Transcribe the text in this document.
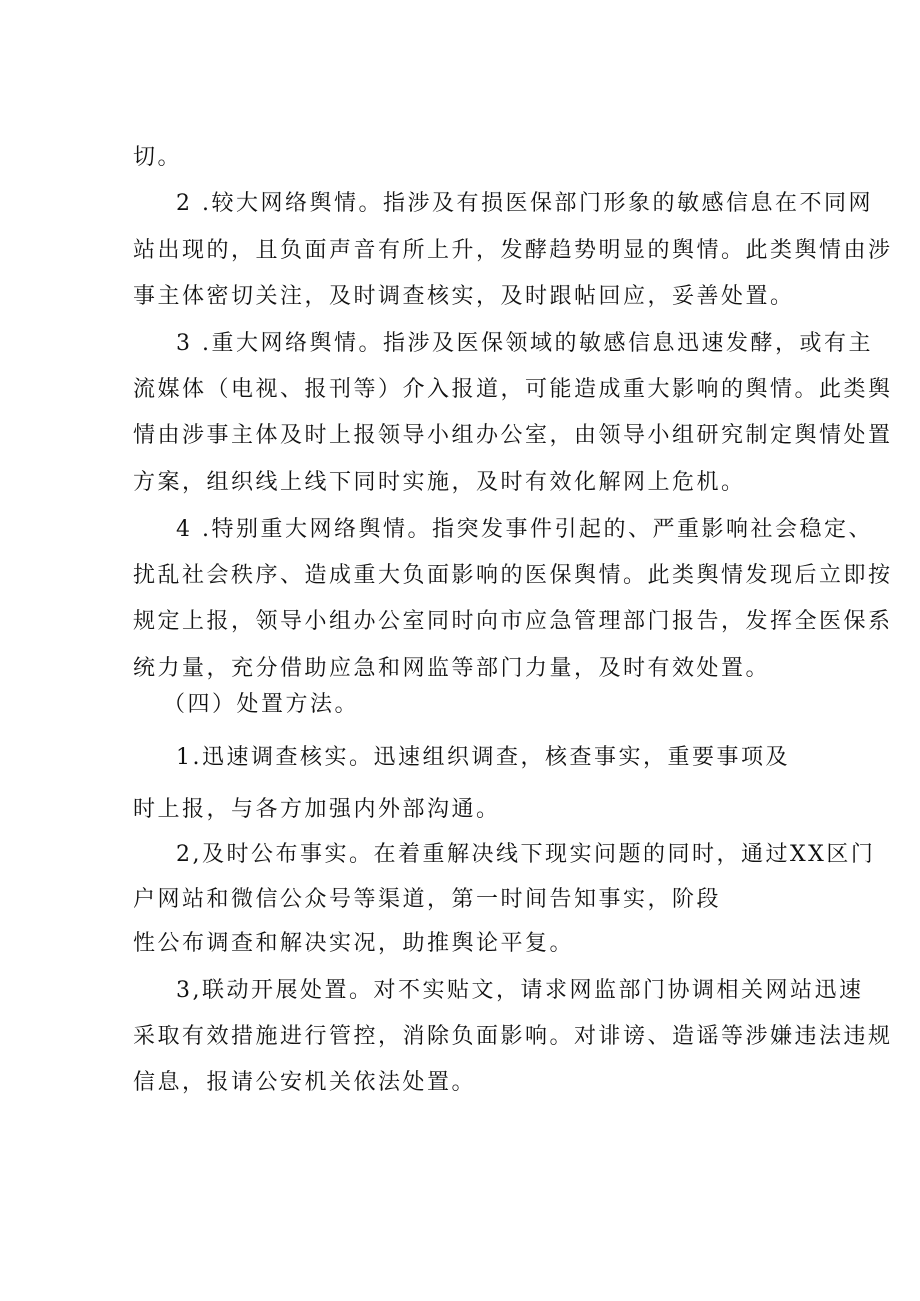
切。
2 .较大网络舆情。指涉及有损医保部门形象的敏感信息在不同网
站出现的，且负面声音有所上升，发酵趋势明显的舆情。此类舆情由涉
事主体密切关注，及时调查核实，及时跟帖回应，妥善处置。
3 .重大网络舆情。指涉及医保领域的敏感信息迅速发酵，或有主
流媒体（电视、报刊等）介入报道，可能造成重大影响的舆情。此类舆
情由涉事主体及时上报领导小组办公室，由领导小组研究制定舆情处置
方案，组织线上线下同时实施，及时有效化解网上危机。
4 .特别重大网络舆情。指突发事件引起的、严重影响社会稳定、
扰乱社会秩序、造成重大负面影响的医保舆情。此类舆情发现后立即按
规定上报，领导小组办公室同时向市应急管理部门报告，发挥全医保系
统力量，充分借助应急和网监等部门力量，及时有效处置。
（四）处置方法。
1.迅速调查核实。迅速组织调查，核查事实，重要事项及
时上报，与各方加强内外部沟通。
2,及时公布事实。在着重解决线下现实问题的同时，通过XX区门
户网站和微信公众号等渠道，第一时间告知事实，阶段
性公布调查和解决实况，助推舆论平复。
3,联动开展处置。对不实贴文，请求网监部门协调相关网站迅速
采取有效措施进行管控，消除负面影响。对诽谤、造谣等涉嫌违法违规
信息，报请公安机关依法处置。
